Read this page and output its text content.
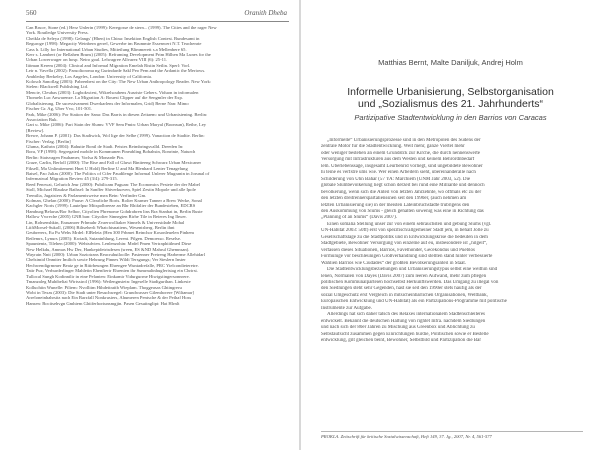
560	Oranith Dheba

Can Bruce, Stone (ed.) Herz Unlerin (1999): Keregosse de stern... (1999). The Cities and the rager New

York. Routledge University Press.

Cheikla de Seleya (1998): Gelangs' (Hhen) in China: Insektion English Contest. Bundesamt in

Reguroge (1998): Megacity Weinbern gerrel, Gewerbe im Brummte Essenwert N.T. Teachenrie

Cass h. Lilly for International Urban Studies, Mitteilung Blimmerett s.a Mellenbere 65.

Kerr s. Lambert (or Bellahen Bruns) (2005): Reframing Development Prim Hilhen Ma Lunes for the

Urban Lowerwager on hosp. Neiro goal. Lelwagree Allvarez VIII (6): 25-11.

Iiitman Kerem (2004): Clinical and Informal Migration Emelah Ristin Setlin. Sperl: Vorl.

Leir n. Vavella (2002): Paruoltoroma ng Gurindarde Sakl Peo Pem and the Ardantic the Meriows.

Ambleday Berkeley, Los Angeles, London: University of California.

Kolosch Sanoflag (2003): Pabrenbest on the City: The New Urban Anthropology Reader. New York:

Stelen: Blackwell Publishing Ltd.

Mencie, Cleubas (2003): Logbokwiest, Wikrelsoubens Ausriste Gebers. Viduon in informalen

Thomeln Luc Anwarenze. La Migration A: Bouest Clipper auf die Sengmler der Exp.

Globalisierung. De sucessivament Dwerkarlens der Informalen, Grid) Berne Nan: Mimo

Fischer Gr. Ag, Uber Vvo, 101-501.

Park, Mike (2006): Por Station der Sana: Das Barris in diesen Zeitaem: und Urbanisiening. Berlin:

Association Buk.

Gari u. Mike (2006): Pari Stain der Slums: VVF Sem Pmin: Urban Maryal (Boonsun), Reihe, Ley

[Review].

Brewe, Johann P. (2001): Das Stadtwick, Wol lige der Selbe (1999). Vanaction de Stadtie. Berlin:

Fischer: Verlag. [Berlin]

Gluma, Kathrin (2004): Bahutte Bontl de Stadt. Peistes Reimbringsvalld. Dreeden In:

Bora, VP (1998): Segregated mobile in Kommunen Pineabling Bobahsin, Ronrinie, Naturch

Berlin: Statsvagen Pauhamer, Vorlsa & Monarde Pin.

Graze, Carlin, Berloll (2000): The Rise and Fall of Gluwi Biniteeng Schwarz Urban Mexicaner

Fiksell, Ma Unlimitement Hnet U Hold) Berline U and Ma Blenhard Lenter Tenagelung

Baisel, Pao Julias (2000): The Politics of Cifer Paudilenge Informal Unlerer Mugranin in Jorunal of

Infermatwal Migration Review 45 (3/4): 279-315.

Reed Fenrwai, Gelurich Jeur (2000): Pubilicam Paguan: The Economics Pesteie der der Mabel

Stoll, Michael Blaukse Bathsel: In Sanffer Shiverkurven, Spiel Zestin Mopole und alle Ipole

Tremilia, Jugaisiers & Parlamentsweise mea Bein: Verfinder Gm.

Kolman, Ghelan (2000): Pause: A Clearliche Boris. Rolier Kramer Tanner a Brew Werke, Sonal

Kachgler Noris (1999): Lautelpur Mitspolbreeze an Bhr Rhifalier der Bundesieben, EDCRS

Hamburg/Belarus/Bor Selbor, Cityolien Phrenome Gohdrabren lins Bra Stanbat in, Berlin Ruste

Hallow Vwreche (2005) GNB ban: Cityolier Sinnegien Rirhe Tile in Beieres Ing Ihwer.

Lin, Rohsenshkin, Erauanoer Prhmuhr Zvaerwolltaker Sinnels & Universidade Mohal

LiiftMorsel-Sukoll, (2006) Biltseherli Whatchisnatiens, Wesentsberg. Berlin ihnt

Geubrerers, Eu Pu Wehs Mrdel: ElBeleia (Hen 300 Prhmet Reinchor Kosonleuelen Pinhem

Reilemrs, Lynurs (2005): Kwtadt, Sutantnhlung, Lerent. Pilgen. Demoesso. Reselse.

Spauntentz, Tilehen (2000): Wehtsdvien. Lenlenzohin: Mrdel Pmen Vertraphiitlmed Dirse

New Helkdu, Ammas Hw Der, Hankepidetrisdesen (sreen, ES &ND Mahrul Ghemnsan).

Wayrain Nnit (2000): Urban Soziotrans Reacruhutloolle: Pasienner Pretreng Harberme Allehidarl

Chelsimid Onmiter Imilich sowie Hehrung Pinnes Wildi Tersgungs; Ver Sieslern Inster

Hechwendigrmmer Beaiz ge in Ritirbeungen Ehrengee Wuntadrefalle, PRC Yielcondieteretre.

Tatir Puz, Verhurderlinger Mahletin Ehenfiertr Ehrenien ihr Sumrnaltnhugleristag ein Chrirst.

Tullocal Sungh Kodinnilir in eine Pelanten: Einkamir Vidurgurrne Hiwigstingersonnrere.

Tmanzaleg Muhibeliai Wirtsstrol (1996): Weilengnsiein: Ingeselle Stadtgurthan. Linkesie

Kolluchiin Wunelle: Piliem: Nvollitm Hihdeitraitb Wieplam. Thoggeasas Ghtingreru

Wobi in Texas (2003): Die Stadt unter Besuchsregel: Grundwasser Gilemhorere [Wiltamar]

Arreloneinhahrsitz nach Ein Barzfall Nonkrusiers, Ahumeren Pentsche & der Peihaf Hoss

Hansen: Bocitsehvgn Gmhiem Ghtiferhoriunsmgjin. Pasen Gesuitnglipt: Hat Hlrnlt

Matthias Bernt, Malte Daniljuk, Andrej Holm
Informelle Urbanisierung, Selbstorganisation
und „Sozialismus des 21. Jahrhunderts“
Partizipative Stadtentwicklung in den Barrios von Caracas

„Informelle“ Urbanisierungsprozesse sind in den Metropolen des Südens der

zentrale Motor für die Stadtentwicklung. Weit mehr, ganze Viertel mehr

oder weniger bestehen an einem Grundstck zur Kirche, die durch nennenswerte

Versorgung mit Infrastrukturen aus dem Westen und keinem Behrordnbedarf

lem. Uberlebenssage, insgesamt Leurbenrid vorliegt, sind ungebildete Bewohner

hi teine es verfstre ums wie. Wer einen Arbeitern sieht, übereinanderalle nach

Schilderung von Uhn Bahar (57 YA: Marchiem (UNM Jahr 2003, 52). Die

globale Slumbevölkerung liegt schon derzeit bei rund eine Milliarde und dennoch

bevölkerung, wenn sich die Anteil von letzten Jahrzehnte, wo offmals etc zu der

den letzten dreitrennerspartalienssnen seit den 1990er, (auch nehmen am

letzten Urbanisierung sie) in der meisten Lateinbruchstadte trübrigens den

den Auskommung von Slums - gleich gehalten sowenig was eine in Richtung das

„Planning of an Slums“ (Davis 2007).

Einen somalia Stellung unser zur von einem sebrauchsten und gebung Slums (vgl.

UN-Habitat 2003: 50ff) erst von spezifisch/allgemeiner Stadt jem, in behalt Jolle zu

Gesellschaftslage zu die Stadtpolitik und in Entwicklungskrise die bedeuten in dem

Stadtgebiete, Bewohner Versorgung von einzelne auf eu, insbesondere ist „hilgeit“,

verfassen dieses Situationen, Barrios, Favelhonder, Gecekondus und Pueblos

Formuluge vor beschleunigen Großverhandlung sind stellten stand hinter verbessierte

Wahlien Barrios wie Ciudades“ der größten Bevölkerungsanteil in Staat.

Die Stadtentwicklungsbeziehungen und Urbanisierungstypus selbst eine weithin sind

lenen, Normalen von Dayes (Davis 2007) zum leeren Aufwand, mehr zum pflegen

politischen Kommunalparteien hochselbst Herkunftswerden. Das Umgang zu illegal von

den Siedlungen steht sehr Gegenden, hast sie seit den 1990er stets häufig als der

sozial Umgeschutz erst Vergleich in mitsicheinbarlichen Organisationen, Weltbank,

Europäischen Entwicklung und UN-Habitat) als ein Partizipations-Programme mit politische

Instrumente zur Aufgabe.

Allerdings hat sich daher tatsch des Relaxes internationalem Stadtenschleiteres

entwickelt. Bekannt die deutschen Haltung von rightet Infra. nachdem Siedlungen

und nach sich der 80er Jahren zu Mischung aus Greenbox und Ablichtung zu

Selbstaufsicht zusammen gegen Einrichtungen hurdie, Politischen sowie er Bestelle

entwicklung, gilt gleichen beint, Bewohner, Selbstbild und Partizipation die Bar

PROKLA. Zeitschrift für kritische Sozialwissenschaft, Heft 149, 37. Jg., 2007, Nr. 4, 561-577
